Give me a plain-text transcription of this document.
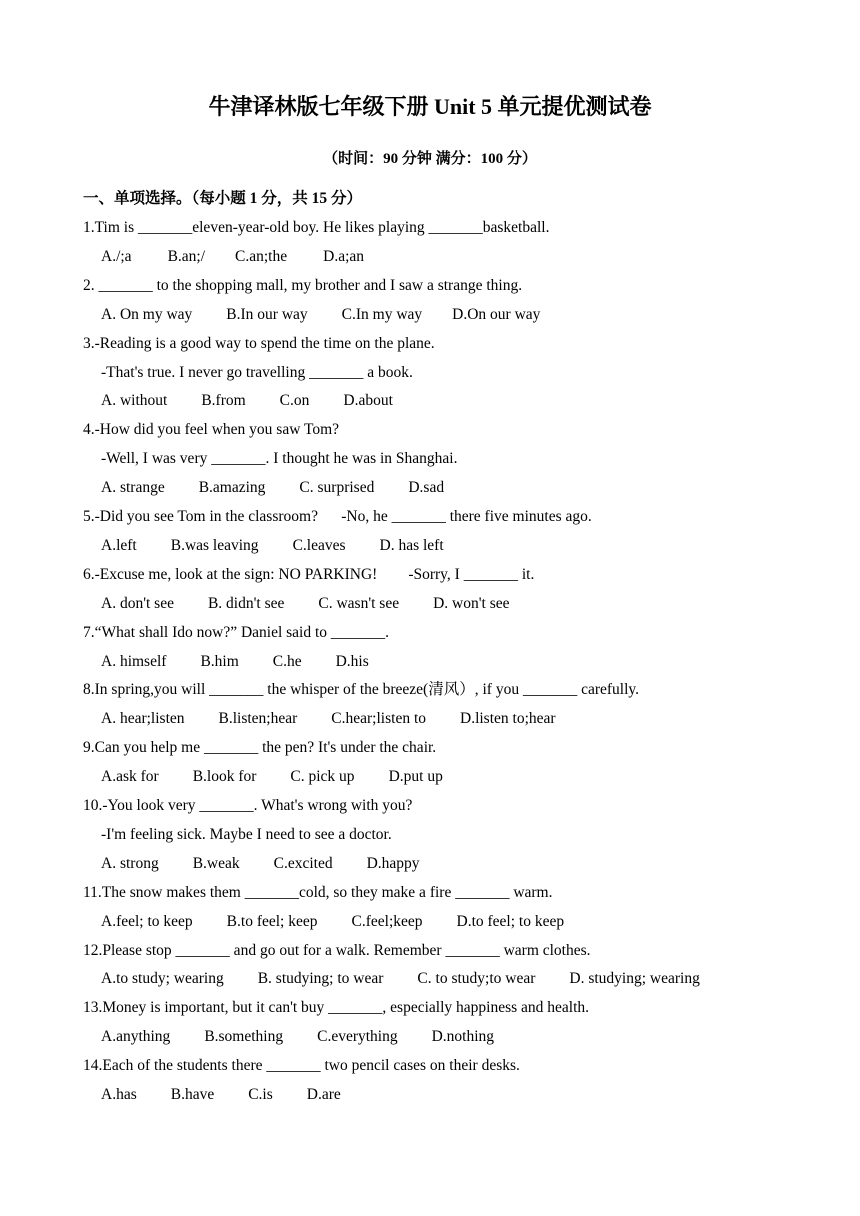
牛津译林版七年级下册 Unit 5 单元提优测试卷
（时间：90 分钟 满分：100 分）
一、单项选择。（每小题 1 分，共 15 分）
1.Tim is _______eleven-year-old boy. He likes playing _______basketball.
A./;a B.an;/ C.an;the D.a;an
2. _______ to the shopping mall, my brother and I saw a strange thing.
A. On my way B.In our way C.In my way D.On our way
3.-Reading is a good way to spend the time on the plane.
-That's true. I never go travelling _______ a book.
A. without B.from C.on D.about
4.-How did you feel when you saw Tom?
-Well, I was very _______. I thought he was in Shanghai.
A. strange B.amazing C. surprised D.sad
5.-Did you see Tom in the classroom?      -No, he _______ there five minutes ago.
A.left B.was leaving C.leaves D. has left
6.-Excuse me, look at the sign: NO PARKING!        -Sorry, I _______ it.
A. don't see B. didn't see C. wasn't see D. won't see
7.“What shall Ido now?” Daniel said to _______.
A. himself B.him C.he D.his
8.In spring,you will _______ the whisper of the breeze(清风）, if you _______ carefully.
A. hear;listen B.listen;hear C.hear;listen to D.listen to;hear
9.Can you help me _______ the pen? It's under the chair.
A.ask for B.look for C. pick up D.put up
10.-You look very _______. What's wrong with you?
-I'm feeling sick. Maybe I need to see a doctor.
A. strong B.weak C.excited D.happy
11.The snow makes them _______cold, so they make a fire _______ warm.
A.feel; to keep B.to feel; keep C.feel;keep D.to feel; to keep
12.Please stop _______ and go out for a walk. Remember _______ warm clothes.
A.to study; wearing B. studying; to wear C. to study;to wear D. studying; wearing
13.Money is important, but it can't buy _______, especially happiness and health.
A.anything B.something C.everything D.nothing
14.Each of the students there _______ two pencil cases on their desks.
A.has B.have C.is D.are
